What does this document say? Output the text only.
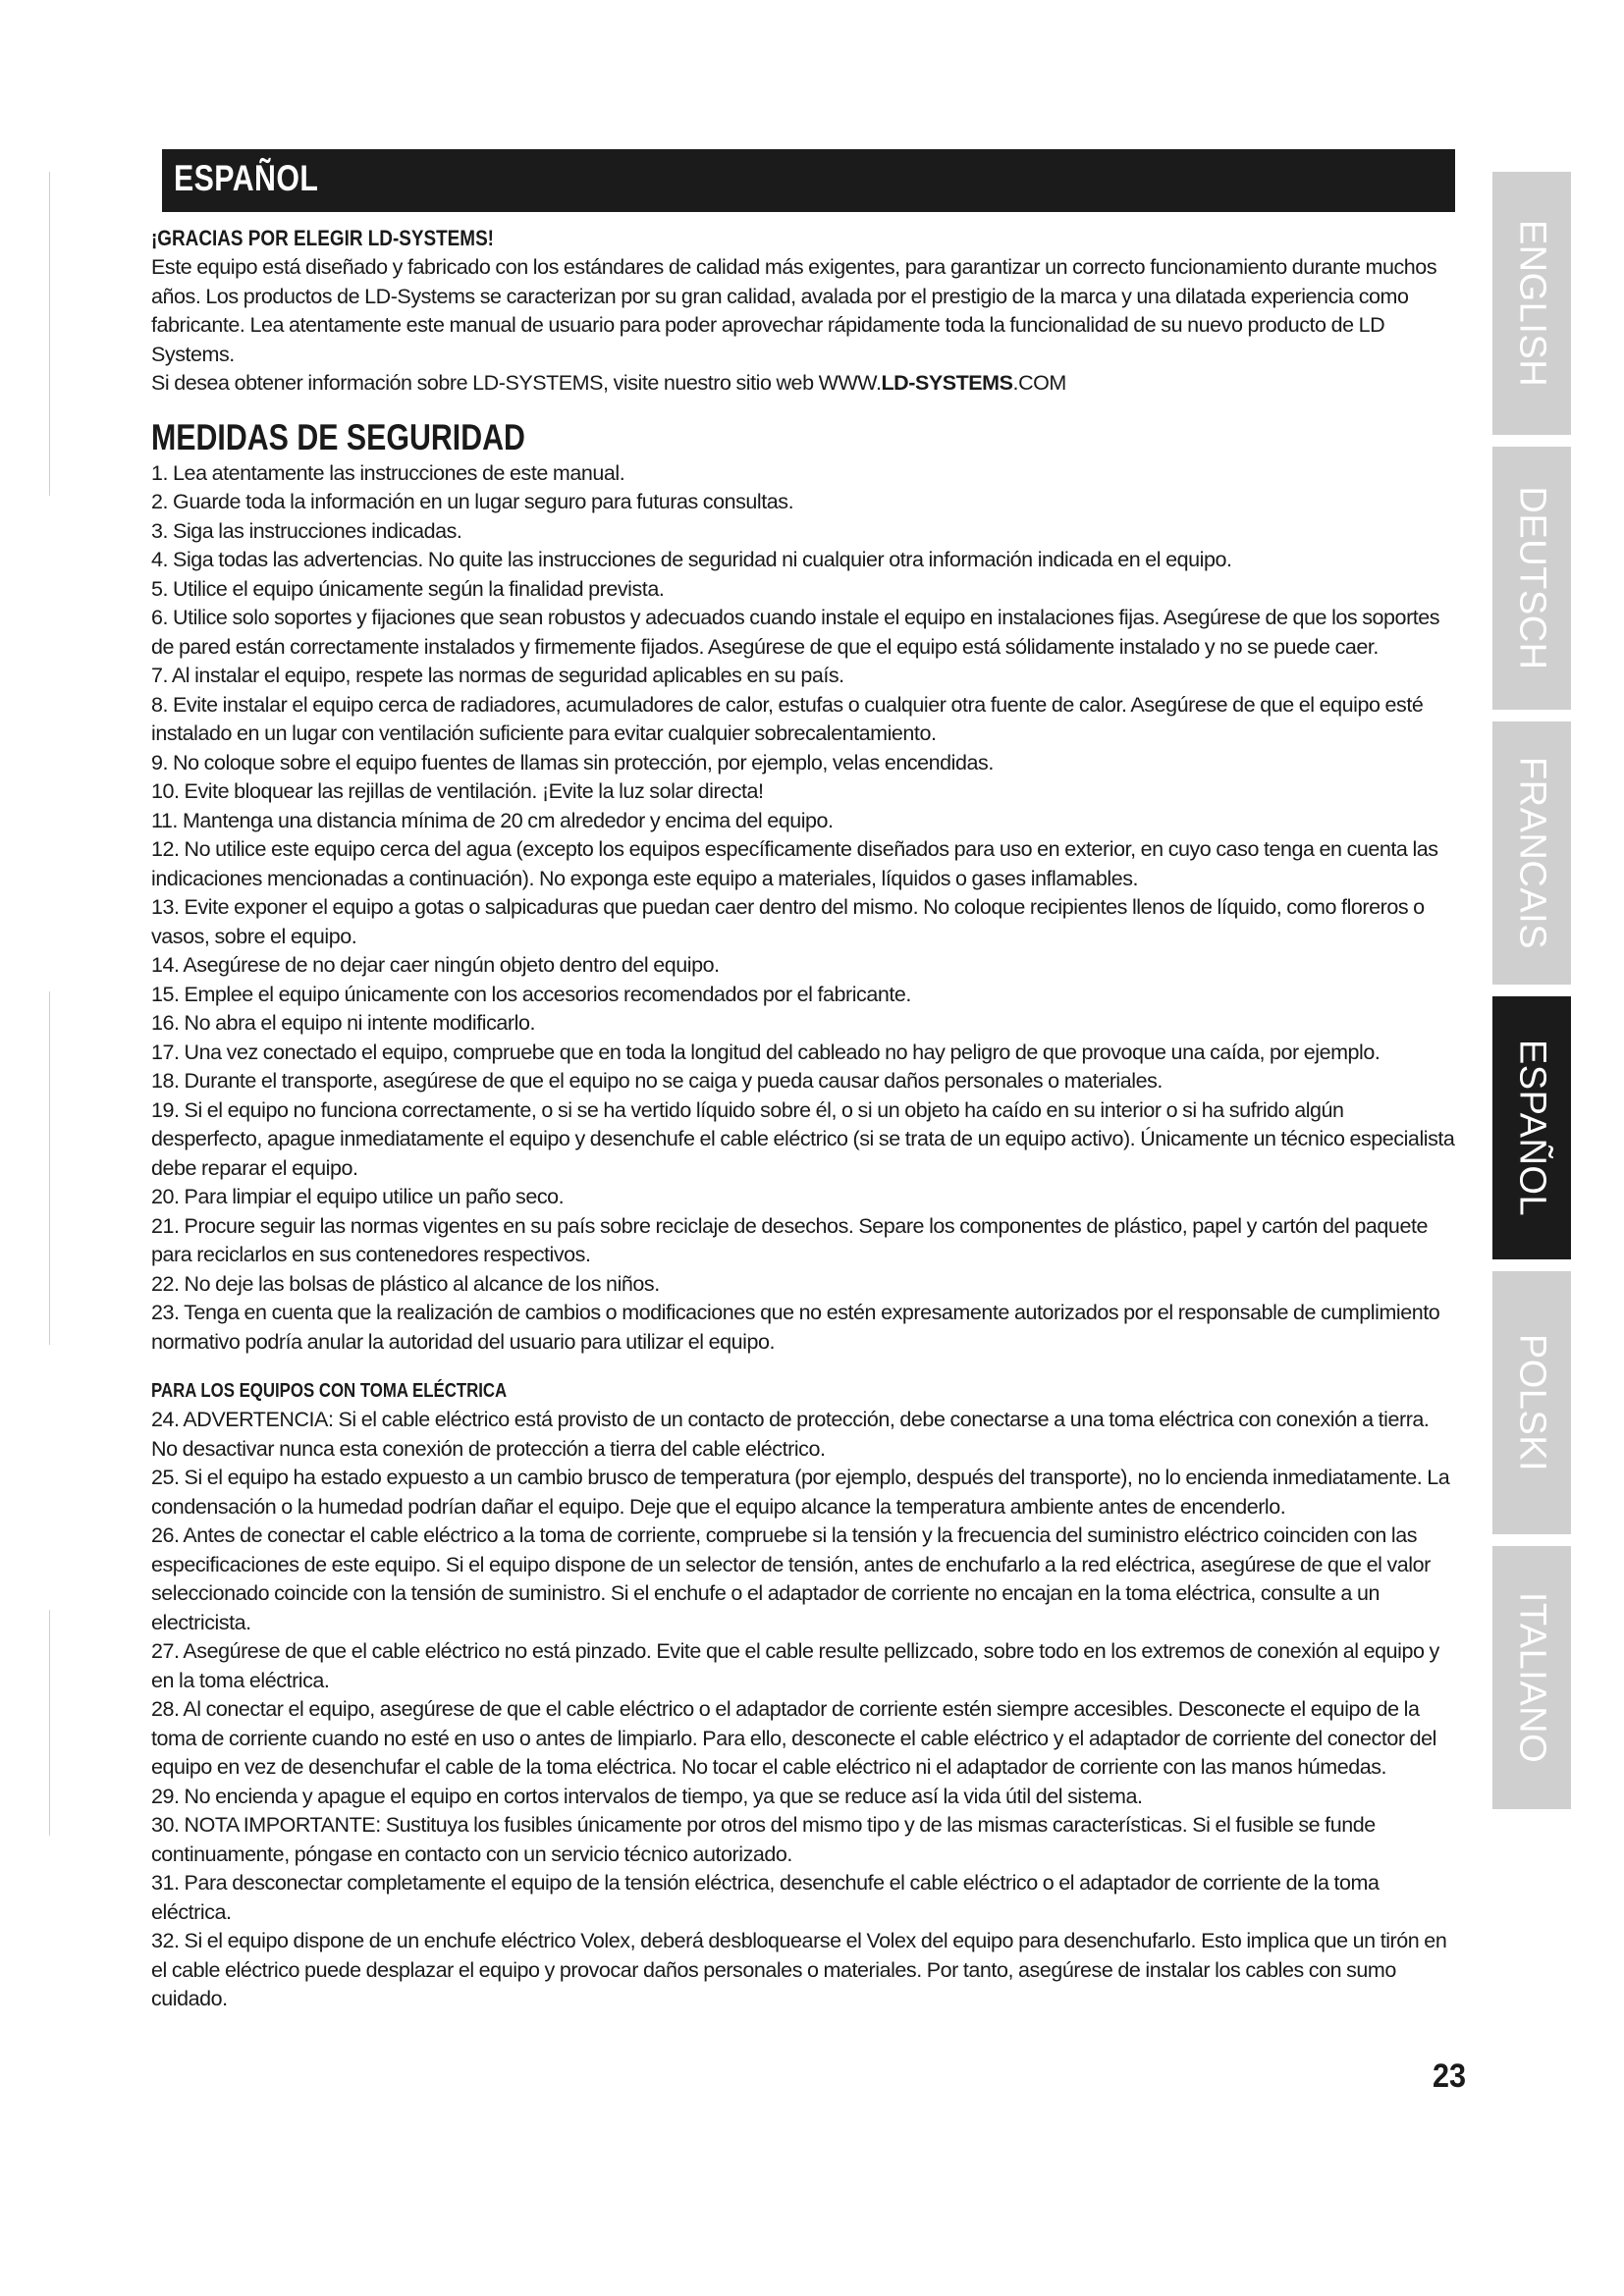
ESPAÑOL
¡GRACIAS POR ELEGIR LD-SYSTEMS!

Este equipo está diseñado y fabricado con los estándares de calidad más exigentes, para garantizar un correcto funcionamiento durante muchos años. Los productos de LD-Systems se caracterizan por su gran calidad, avalada por el prestigio de la marca y una dilatada experiencia como fabricante. Lea atentamente este manual de usuario para poder aprovechar rápidamente toda la funcionalidad de su nuevo producto de LD Systems.

Si desea obtener información sobre LD-SYSTEMS, visite nuestro sitio web WWW.LD-SYSTEMS.COM

MEDIDAS DE SEGURIDAD

1. Lea atentamente las instrucciones de este manual.

2. Guarde toda la información en un lugar seguro para futuras consultas.

3. Siga las instrucciones indicadas.

4. Siga todas las advertencias. No quite las instrucciones de seguridad ni cualquier otra información indicada en el equipo.

5. Utilice el equipo únicamente según la finalidad prevista.

6. Utilice solo soportes y fijaciones que sean robustos y adecuados cuando instale el equipo en instalaciones fijas. Asegúrese de que los soportes de pared están correctamente instalados y firmemente fijados. Asegúrese de que el equipo está sólidamente instalado y no se puede caer.

7. Al instalar el equipo, respete las normas de seguridad aplicables en su país.

8. Evite instalar el equipo cerca de radiadores, acumuladores de calor, estufas o cualquier otra fuente de calor. Asegúrese de que el equipo esté instalado en un lugar con ventilación suficiente para evitar cualquier sobrecalentamiento.

9. No coloque sobre el equipo fuentes de llamas sin protección, por ejemplo, velas encendidas.

10. Evite bloquear las rejillas de ventilación. ¡Evite la luz solar directa!

11. Mantenga una distancia mínima de 20 cm alrededor y encima del equipo.

12. No utilice este equipo cerca del agua (excepto los equipos específicamente diseñados para uso en exterior, en cuyo caso tenga en cuenta las indicaciones mencionadas a continuación). No exponga este equipo a materiales, líquidos o gases inflamables.

13. Evite exponer el equipo a gotas o salpicaduras que puedan caer dentro del mismo. No coloque recipientes llenos de líquido, como floreros o vasos, sobre el equipo.

14. Asegúrese de no dejar caer ningún objeto dentro del equipo.

15. Emplee el equipo únicamente con los accesorios recomendados por el fabricante.

16. No abra el equipo ni intente modificarlo.

17. Una vez conectado el equipo, compruebe que en toda la longitud del cableado no hay peligro de que provoque una caída, por ejemplo.

18. Durante el transporte, asegúrese de que el equipo no se caiga y pueda causar daños personales o materiales.

19. Si el equipo no funciona correctamente, o si se ha vertido líquido sobre él, o si un objeto ha caído en su interior o si ha sufrido algún desperfecto, apague inmediatamente el equipo y desenchufe el cable eléctrico (si se trata de un equipo activo). Únicamente un técnico especialista debe reparar el equipo.

20. Para limpiar el equipo utilice un paño seco.

21. Procure seguir las normas vigentes en su país sobre reciclaje de desechos. Separe los componentes de plástico, papel y cartón del paquete para reciclarlos en sus contenedores respectivos.

22. No deje las bolsas de plástico al alcance de los niños.

23. Tenga en cuenta que la realización de cambios o modificaciones que no estén expresamente autorizados por el responsable de cumplimiento normativo podría anular la autoridad del usuario para utilizar el equipo.

PARA LOS EQUIPOS CON TOMA ELÉCTRICA

24. ADVERTENCIA: Si el cable eléctrico está provisto de un contacto de protección, debe conectarse a una toma eléctrica con conexión a tierra. No desactivar nunca esta conexión de protección a tierra del cable eléctrico.

25. Si el equipo ha estado expuesto a un cambio brusco de temperatura (por ejemplo, después del transporte), no lo encienda inmediatamente. La condensación o la humedad podrían dañar el equipo. Deje que el equipo alcance la temperatura ambiente antes de encenderlo.

26. Antes de conectar el cable eléctrico a la toma de corriente, compruebe si la tensión y la frecuencia del suministro eléctrico coinciden con las especificaciones de este equipo. Si el equipo dispone de un selector de tensión, antes de enchufarlo a la red eléctrica, asegúrese de que el valor seleccionado coincide con la tensión de suministro. Si el enchufe o el adaptador de corriente no encajan en la toma eléctrica, consulte a un electricista.

27. Asegúrese de que el cable eléctrico no está pinzado. Evite que el cable resulte pellizcado, sobre todo en los extremos de conexión al equipo y en la toma eléctrica.

28. Al conectar el equipo, asegúrese de que el cable eléctrico o el adaptador de corriente estén siempre accesibles. Desconecte el equipo de la toma de corriente cuando no esté en uso o antes de limpiarlo. Para ello, desconecte el cable eléctrico y el adaptador de corriente del conector del equipo en vez de desenchufar el cable de la toma eléctrica. No tocar el cable eléctrico ni el adaptador de corriente con las manos húmedas.

29. No encienda y apague el equipo en cortos intervalos de tiempo, ya que se reduce así la vida útil del sistema.

30. NOTA IMPORTANTE: Sustituya los fusibles únicamente por otros del mismo tipo y de las mismas características. Si el fusible se funde continuamente, póngase en contacto con un servicio técnico autorizado.

31. Para desconectar completamente el equipo de la tensión eléctrica, desenchufe el cable eléctrico o el adaptador de corriente de la toma eléctrica.

32. Si el equipo dispone de un enchufe eléctrico Volex, deberá desbloquearse el Volex del equipo para desenchufarlo. Esto implica que un tirón en el cable eléctrico puede desplazar el equipo y provocar daños personales o materiales. Por tanto, asegúrese de instalar los cables con sumo cuidado.

ENGLISH
DEUTSCH
FRANCAIS
ESPAÑOL
POLSKI
ITALIANO
23
